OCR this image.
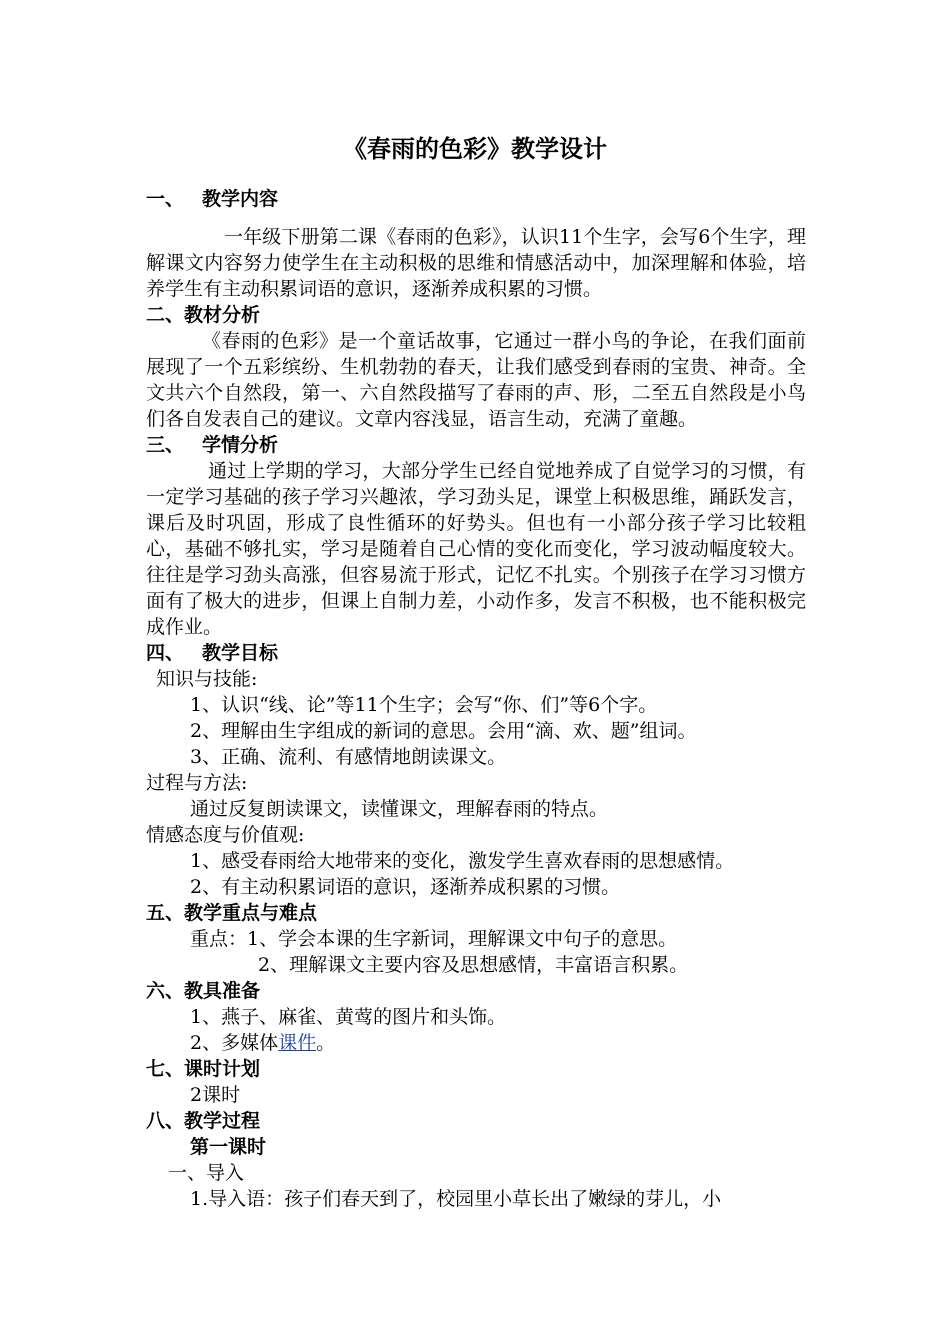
《春雨的色彩》教学设计

一、 教学内容

一年级下册第二课《春雨的色彩》，认识11个生字，会写6个生字，理解课文内容努力使学生在主动积极的思维和情感活动中，加深理解和体验，培养学生有主动积累词语的意识，逐渐养成积累的习惯。

二、教材分析

《春雨的色彩》是一个童话故事，它通过一群小鸟的争论，在我们面前展现了一个五彩缤纷、生机勃勃的春天，让我们感受到春雨的宝贵、神奇。全文共六个自然段，第一、六自然段描写了春雨的声、形，二至五自然段是小鸟们各自发表自己的建议。文章内容浅显，语言生动，充满了童趣。

三、 学情分析

通过上学期的学习，大部分学生已经自觉地养成了自觉学习的习惯，有一定学习基础的孩子学习兴趣浓，学习劲头足，课堂上积极思维，踊跃发言，课后及时巩固，形成了良性循环的好势头。但也有一小部分孩子学习比较粗心，基础不够扎实，学习是随着自己心情的变化而变化，学习波动幅度较大。往往是学习劲头高涨，但容易流于形式，记忆不扎实。个别孩子在学习习惯方面有了极大的进步，但课上自制力差，小动作多，发言不积极，也不能积极完成作业。

四、 教学目标

知识与技能:

1、认识“线、论”等11个生字；会写“你、们”等6个字。

2、理解由生字组成的新词的意思。会用“滴、欢、题”组词。

3、正确、流利、有感情地朗读课文。

过程与方法:

通过反复朗读课文，读懂课文，理解春雨的特点。

情感态度与价值观:

1、感受春雨给大地带来的变化，激发学生喜欢春雨的思想感情。

2、有主动积累词语的意识，逐渐养成积累的习惯。

五、教学重点与难点

重点：1、学会本课的生字新词，理解课文中句子的意思。

2、理解课文主要内容及思想感情，丰富语言积累。

六、教具准备

1、燕子、麻雀、黄莺的图片和头饰。

2、多媒体课件。

七、课时计划

2课时

八、教学过程

第一课时

一、导入

1.导入语：孩子们春天到了，校园里小草长出了嫩绿的芽儿，小
